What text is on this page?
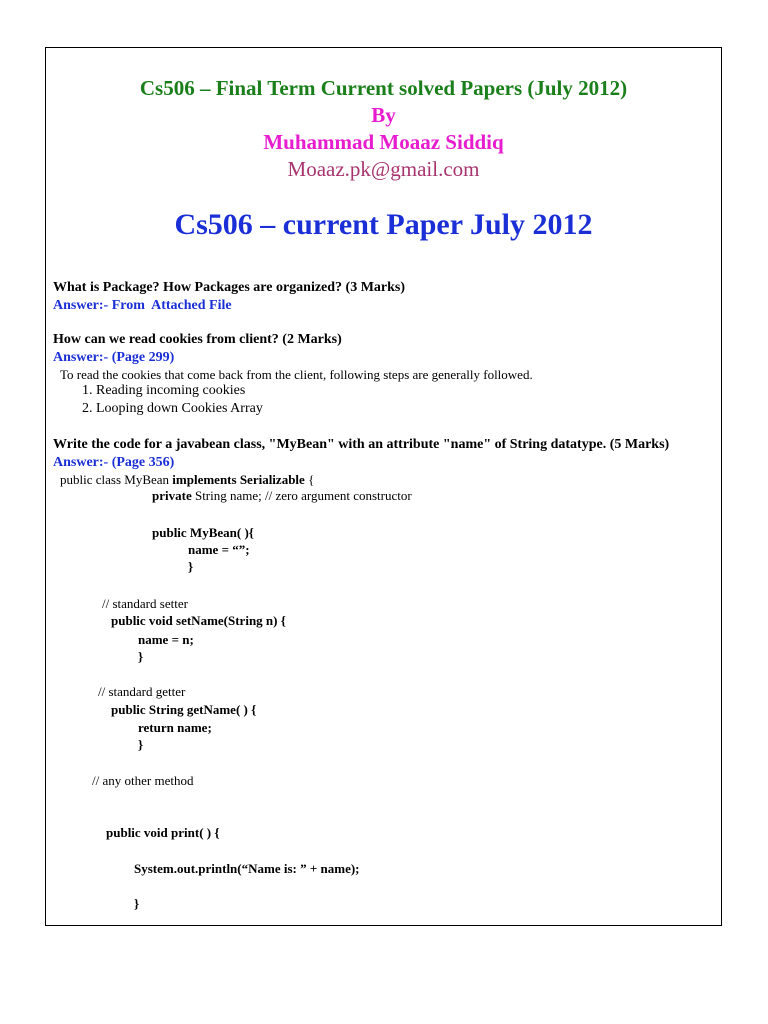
Cs506 – Final Term Current solved Papers (July 2012)
By
Muhammad Moaaz Siddiq
Moaaz.pk@gmail.com
Cs506 – current Paper July 2012
What is Package? How Packages are organized? (3 Marks)
Answer:- From  Attached File
How can we read cookies from client? (2 Marks)
Answer:- (Page 299)
To read the cookies that come back from the client, following steps are generally followed.
1. Reading incoming cookies
2. Looping down Cookies Array
Write the code for a javabean class, "MyBean" with an attribute "name" of String datatype. (5 Marks)
Answer:- (Page 356)
public class MyBean implements Serializable {
private String name; // zero argument constructor
public MyBean( ){
name = “”;
}
// standard setter
public void setName(String n) {
name = n;
}
// standard getter
public String getName( ) {
return name;
}
// any other method
public void print( ) {
System.out.println(“Name is: ” + name);
}
